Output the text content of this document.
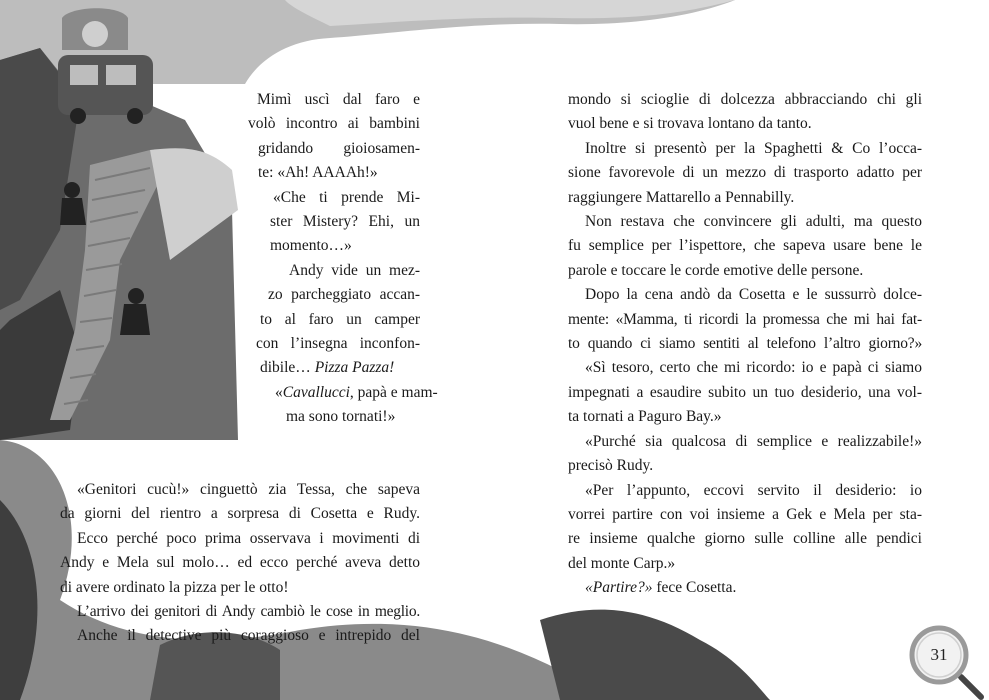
Mimì uscì dal faro e

volò incontro ai bambini

gridando gioiosamen-

te: «Ah! AAAAh!»

«Che ti prende Mi-

ster Mistery? Ehi, un

momento…»

Andy vide un mez-

zo parcheggiato accan-

to al faro un camper

con l’insegna inconfon-

dibile… Pizza Pazza!

«Cavallucci, papà e mam-

ma sono tornati!»

«Genitori cucù!» cinguettò zia Tessa, che sapeva

da giorni del rientro a sorpresa di Cosetta e Rudy.

Ecco perché poco prima osservava i movimenti di

Andy e Mela sul molo… ed ecco perché aveva detto

di avere ordinato la pizza per le otto!

L’arrivo dei genitori di Andy cambiò le cose in meglio.

Anche il detective più coraggioso e intrepido del

mondo si scioglie di dolcezza abbracciando chi gli

vuol bene e si trovava lontano da tanto.

Inoltre si presentò per la Spaghetti & Co l’occa-

sione favorevole di un mezzo di trasporto adatto per

raggiungere Mattarello a Pennabilly.

Non restava che convincere gli adulti, ma questo

fu semplice per l’ispettore, che sapeva usare bene le

parole e toccare le corde emotive delle persone.

Dopo la cena andò da Cosetta e le sussurrò dolce-

mente: «Mamma, ti ricordi la promessa che mi hai fat-

to quando ci siamo sentiti al telefono l’altro giorno?»

«Sì tesoro, certo che mi ricordo: io e papà ci siamo

impegnati a esaudire subito un tuo desiderio, una vol-

ta tornati a Paguro Bay.»

«Purché sia qualcosa di semplice e realizzabile!»

precisò Rudy.

«Per l’appunto, eccovi servito il desiderio: io

vorrei partire con voi insieme a Gek e Mela per sta-

re insieme qualche giorno sulle colline alle pendici

del monte Carp.»

«Partire?» fece Cosetta.

31
